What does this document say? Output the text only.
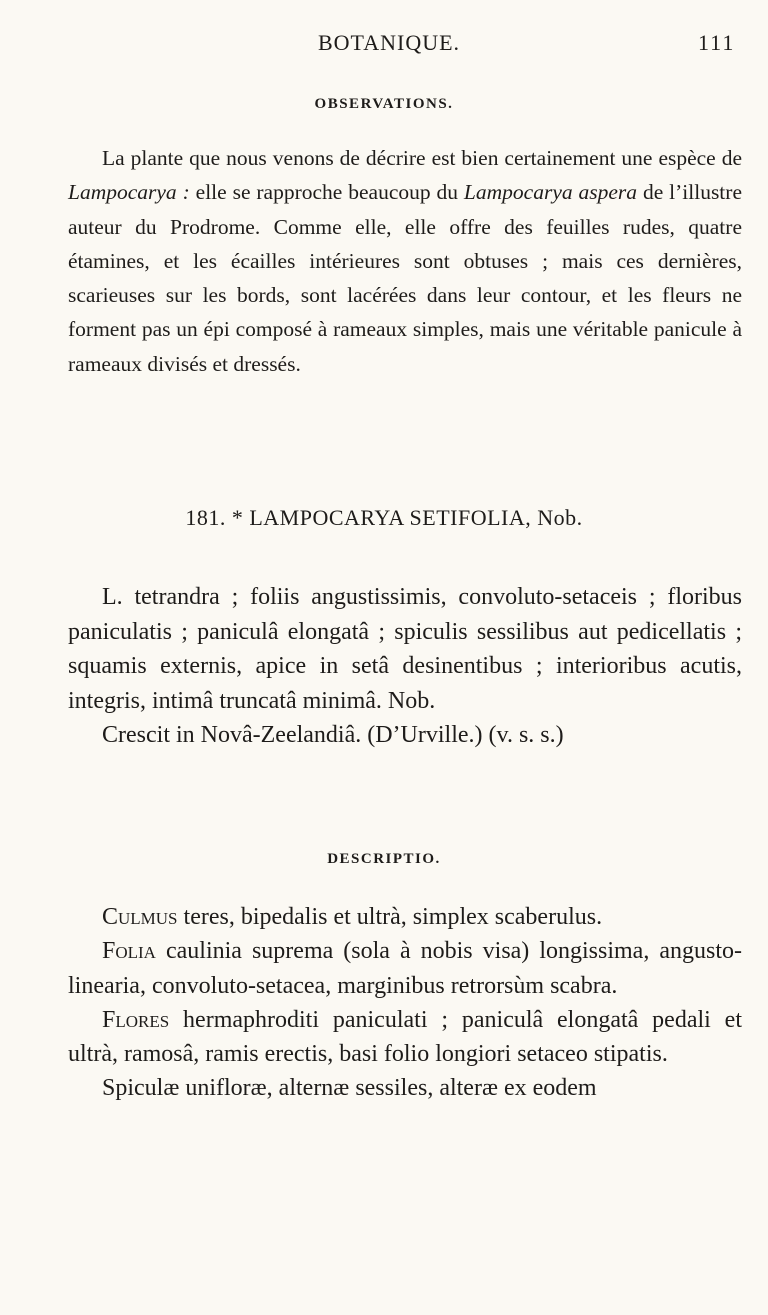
BOTANIQUE.	111
OBSERVATIONS.

La plante que nous venons de décrire est bien certainement une espèce de Lampocarya : elle se rapproche beaucoup du Lampocarya aspera de l’illustre auteur du Prodrome. Comme elle, elle offre des feuilles rudes, quatre étamines, et les écailles intérieures sont obtuses ; mais ces dernières, scarieuses sur les bords, sont lacérées dans leur contour, et les fleurs ne forment pas un épi composé à rameaux simples, mais une véritable panicule à rameaux divisés et dressés.

181. * LAMPOCARYA SETIFOLIA, Nob.

L. tetrandra ; foliis angustissimis, convoluto-setaceis ; floribus paniculatis ; paniculâ elongatâ ; spiculis sessilibus aut pedicellatis ; squamis externis, apice in setâ desinentibus ; interioribus acutis, integris, intimâ truncatâ minimâ. Nob.

Crescit in Novâ-Zeelandiâ. (D’Urville.) (v. s. s.)

DESCRIPTIO.

Culmus teres, bipedalis et ultrà, simplex scaberulus.

Folia caulinia suprema (sola à nobis visa) longissima, angusto-linearia, convoluto-setacea, marginibus retrorsùm scabra.

Flores hermaphroditi paniculati ; paniculâ elongatâ pedali et ultrà, ramosâ, ramis erectis, basi folio longiori setaceo stipatis.

Spiculæ unifloræ, alternæ sessiles, alteræ ex eodem
